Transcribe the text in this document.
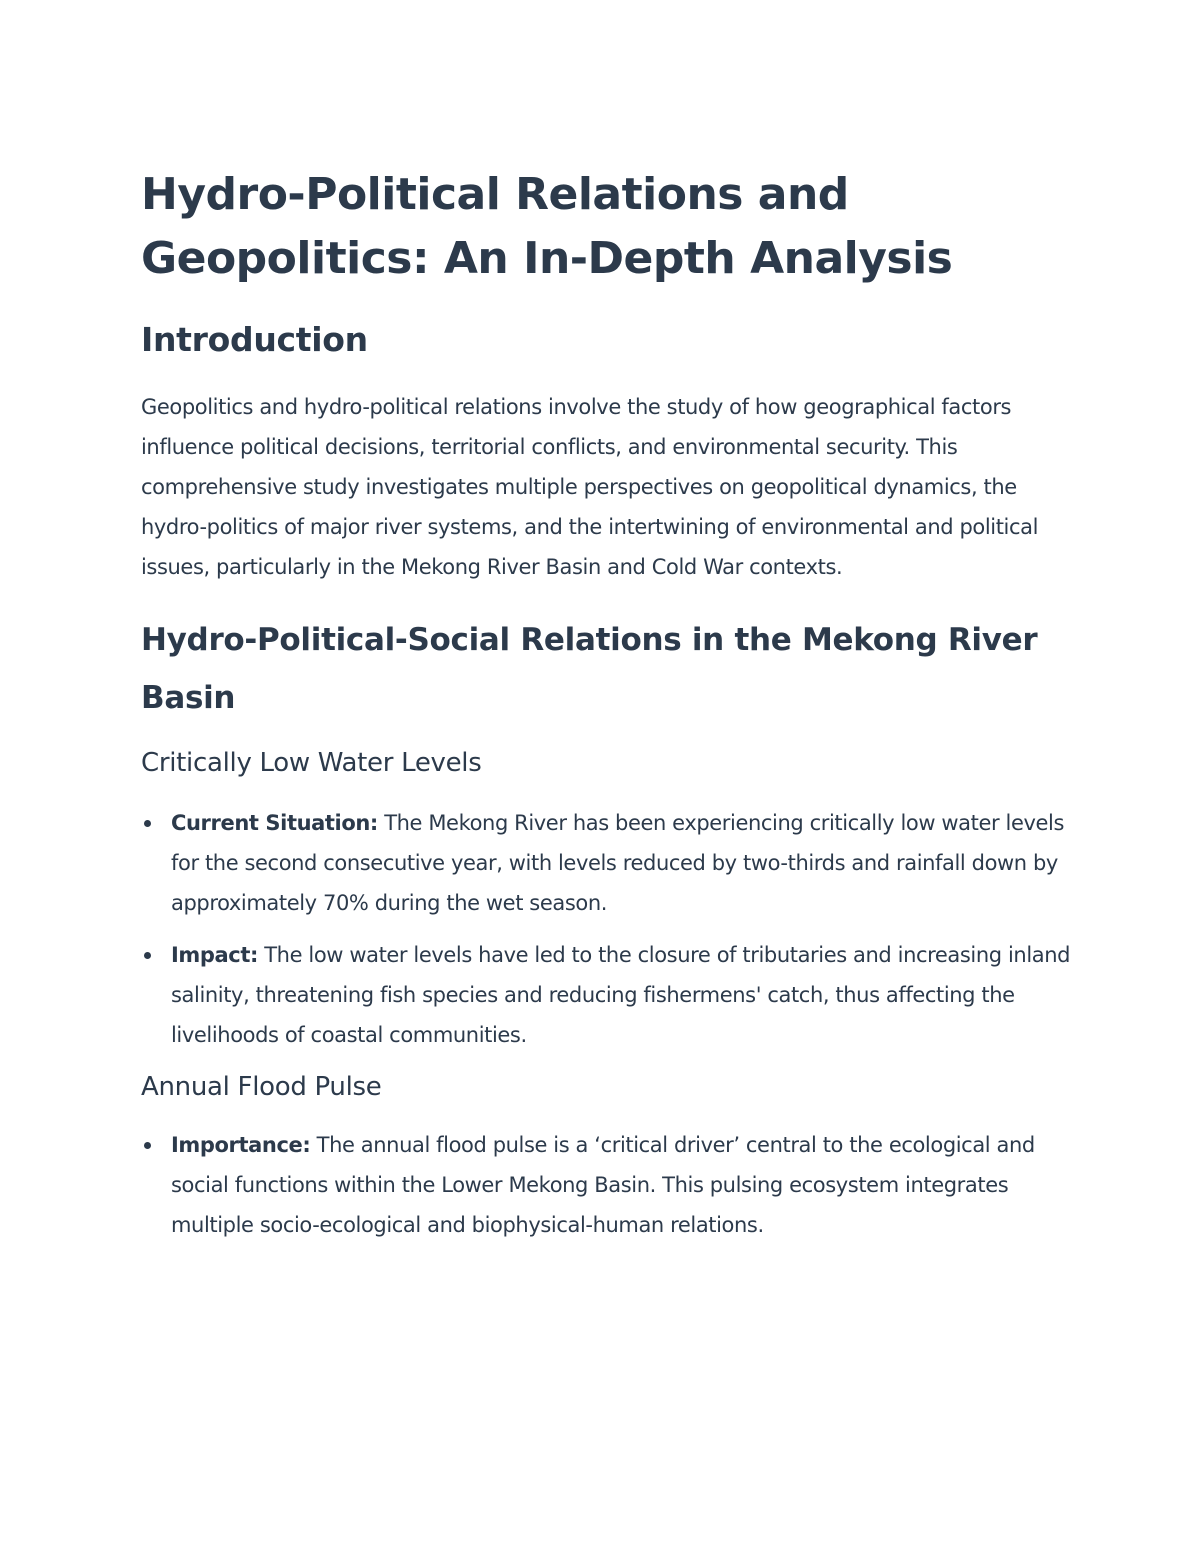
Hydro-Political Relations and Geopolitics: An In-Depth Analysis
Introduction

Geopolitics and hydro-political relations involve the study of how geographical factors influence political decisions, territorial conflicts, and environmental security. This comprehensive study investigates multiple perspectives on geopolitical dynamics, the hydro-politics of major river systems, and the intertwining of environmental and political issues, particularly in the Mekong River Basin and Cold War contexts.

Hydro-Political-Social Relations in the Mekong River Basin
Critically Low Water Levels
Current Situation: The Mekong River has been experiencing critically low water levels for the second consecutive year, with levels reduced by two-thirds and rainfall down by approximately 70% during the wet season.
Impact: The low water levels have led to the closure of tributaries and increasing inland salinity, threatening fish species and reducing fishermens' catch, thus affecting the livelihoods of coastal communities.
Annual Flood Pulse
Importance: The annual flood pulse is a ‘critical driver’ central to the ecological and social functions within the Lower Mekong Basin. This pulsing ecosystem integrates multiple socio-ecological and biophysical-human relations.
